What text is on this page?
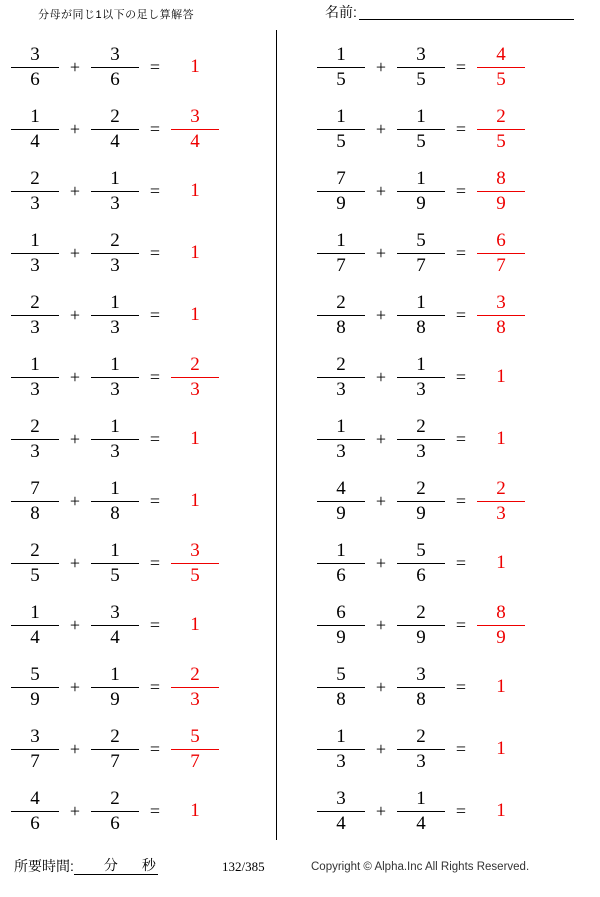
分母が同じ1以下の足し算解答	名前:
$\frac{3}{6} + \frac{3}{6}$ =	1
$\frac{1}{4} + \frac{2}{4} = \frac{3}{4}$
$\frac{2}{3} + \frac{1}{3}$ =	1
$\frac{1}{3} + \frac{2}{3}$ =	1
$\frac{2}{3} + \frac{1}{3}$ =	1
$\frac{1}{3} + \frac{1}{3} = \frac{2}{3}$
$\frac{2}{3} + \frac{1}{3}$ =	1
$\frac{7}{8} + \frac{1}{8}$ =	1
$\frac{2}{5} + \frac{1}{5} = \frac{3}{5}$
$\frac{1}{4} + \frac{3}{4}$ =	1
$\frac{5}{9} + \frac{1}{9} = \frac{2}{3}$
$\frac{3}{7} + \frac{2}{7} = \frac{5}{7}$
$\frac{4}{6} + \frac{2}{6}$ =	1
$\frac{1}{5} + \frac{3}{5} = \frac{4}{5}$
$\frac{1}{5} + \frac{1}{5} = \frac{2}{5}$
$\frac{7}{9} + \frac{1}{9} = \frac{8}{9}$
$\frac{1}{7} + \frac{5}{7} = \frac{6}{7}$
$\frac{2}{8} + \frac{1}{8} = \frac{3}{8}$
$\frac{2}{3} + \frac{1}{3}$ =	1
$\frac{1}{3} + \frac{2}{3}$ =	1
$\frac{4}{9} + \frac{2}{9} = \frac{2}{3}$
$\frac{1}{6} + \frac{5}{6}$ =	1
$\frac{6}{9} + \frac{2}{9} = \frac{8}{9}$
$\frac{5}{8} + \frac{3}{8}$ =	1
$\frac{1}{3} + \frac{2}{3}$ =	1
$\frac{3}{4} + \frac{1}{4}$ =	1
所要時間:	分	秒	132/385	Copyright © Alpha.Inc All Rights Reserved.
